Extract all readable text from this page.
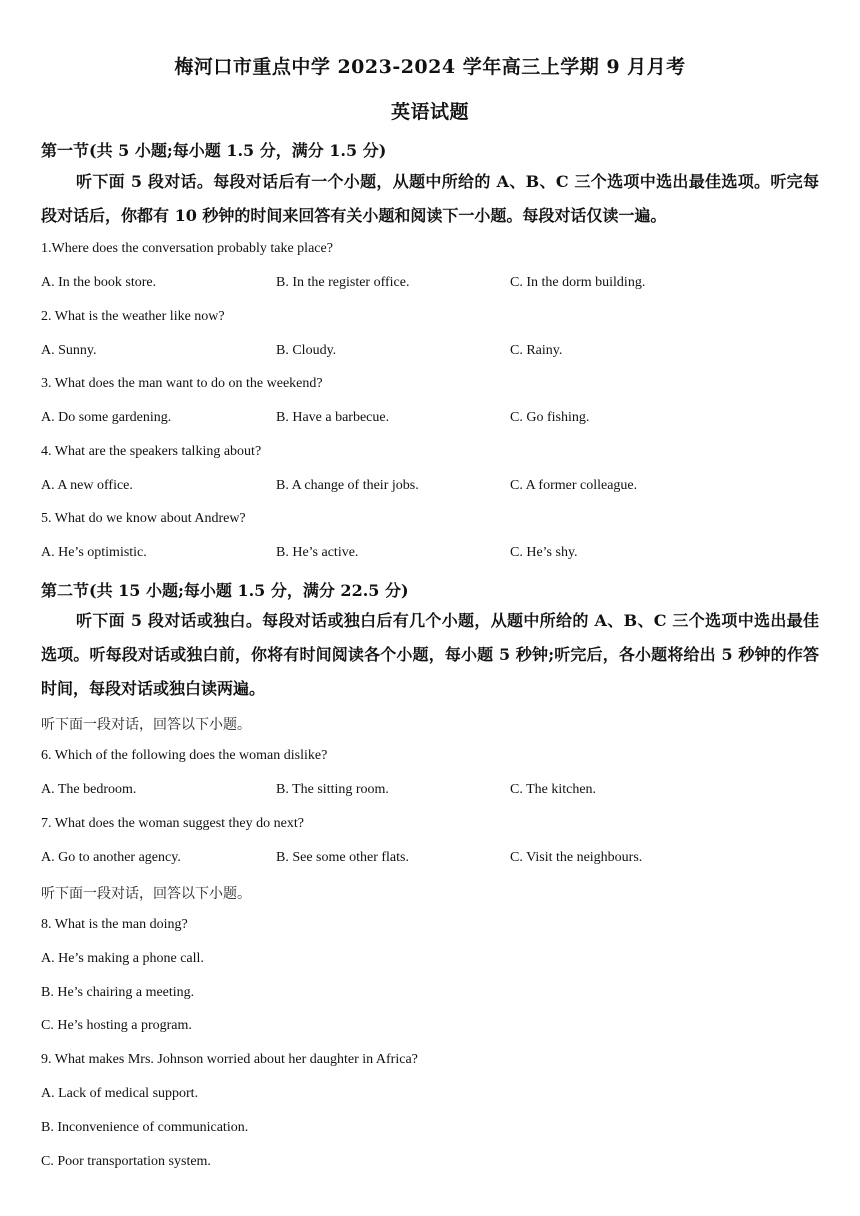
梅河口市重点中学 2023-2024 学年高三上学期 9 月月考
英语试题
第一节(共 5 小题;每小题 1.5 分，满分 1.5 分)
听下面 5 段对话。每段对话后有一个小题，从题中所给的 A、B、C 三个选项中选出最佳选项。听完每段对话后，你都有 10 秒钟的时间来回答有关小题和阅读下一小题。每段对话仅读一遍。
1.Where does the conversation probably take place?
A. In the book store.	B. In the register office.	C. In the dorm building.
2. What is the weather like now?
A. Sunny.	B. Cloudy.	C. Rainy.
3. What does the man want to do on the weekend?
A. Do some gardening.	B. Have a barbecue.	C. Go fishing.
4. What are the speakers talking about?
A. A new office.	B. A change of their jobs.	C. A former colleague.
5. What do we know about Andrew?
A. He’s optimistic.	B. He’s active.	C. He’s shy.
第二节(共 15 小题;每小题 1.5 分，满分 22.5 分)
听下面 5 段对话或独白。每段对话或独白后有几个小题，从题中所给的 A、B、C 三个选项中选出最佳选项。听每段对话或独白前，你将有时间阅读各个小题，每小题 5 秒钟;听完后，各小题将给出 5 秒钟的作答时间，每段对话或独白读两遍。
听下面一段对话，回答以下小题。
6. Which of the following does the woman dislike?
A. The bedroom.	B. The sitting room.	C. The kitchen.
7. What does the woman suggest they do next?
A. Go to another agency.	B. See some other flats.	C. Visit the neighbours.
听下面一段对话，回答以下小题。
8. What is the man doing?
A. He’s making a phone call.
B. He’s chairing a meeting.
C. He’s hosting a program.
9. What makes Mrs. Johnson worried about her daughter in Africa?
A. Lack of medical support.
B. Inconvenience of communication.
C. Poor transportation system.
